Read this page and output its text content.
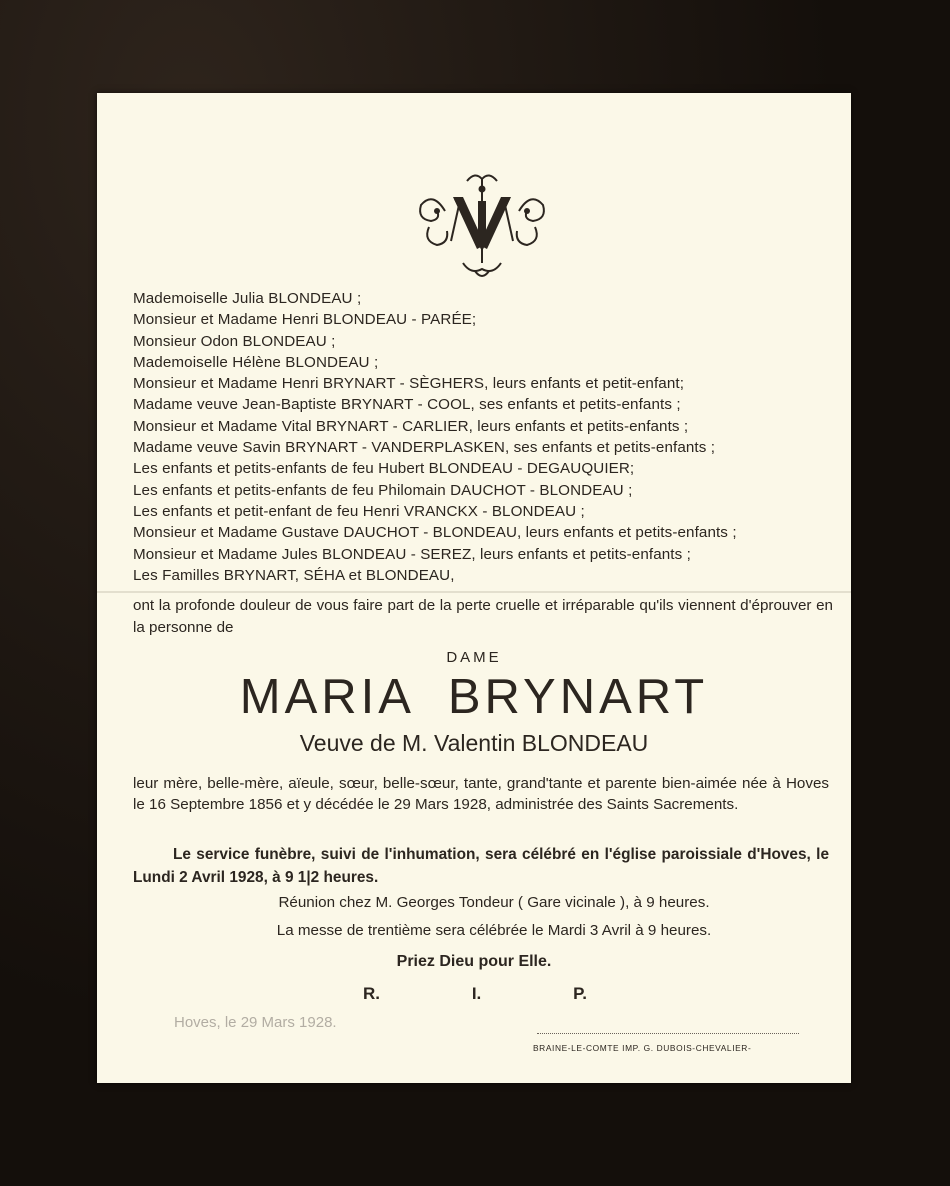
Mademoiselle Julia BLONDEAU ;
Monsieur et Madame Henri BLONDEAU - PARÉE;
Monsieur Odon BLONDEAU ;
Mademoiselle Hélène BLONDEAU ;
Monsieur et Madame Henri BRYNART - SÈGHERS, leurs enfants et petit-enfant;
Madame veuve Jean-Baptiste BRYNART - COOL, ses enfants et petits-enfants ;
Monsieur et Madame Vital BRYNART - CARLIER, leurs enfants et petits-enfants ;
Madame veuve Savin BRYNART - VANDERPLASKEN, ses enfants et petits-enfants ;
Les enfants et petits-enfants de feu Hubert BLONDEAU - DEGAUQUIER;
Les enfants et petits-enfants de feu Philomain DAUCHOT - BLONDEAU ;
Les enfants et petit-enfant de feu Henri VRANCKX - BLONDEAU ;
Monsieur et Madame Gustave DAUCHOT - BLONDEAU, leurs enfants et petits-enfants ;
Monsieur et Madame Jules BLONDEAU - SEREZ, leurs enfants et petits-enfants ;
Les Familles BRYNART, SÉHA et BLONDEAU,
ont la profonde douleur de vous faire part de la perte cruelle et irréparable qu'ils viennent d'éprouver en la personne de
DAME
MARIA BRYNART
Veuve de M. Valentin BLONDEAU
leur mère, belle-mère, aïeule, sœur, belle-sœur, tante, grand'tante et parente bien-aimée née à Hoves le 16 Septembre 1856 et y décédée le 29 Mars 1928, administrée des Saints Sacrements.
Le service funèbre, suivi de l'inhumation, sera célébré en l'église paroissiale d'Hoves, le Lundi 2 Avril 1928, à 9 1|2 heures.
Réunion chez M. Georges Tondeur ( Gare vicinale ), à 9 heures.
La messe de trentième sera célébrée le Mardi 3 Avril à 9 heures.
Priez Dieu pour Elle.
R.	I.	P.
Hoves, le 29 Mars 1928.
BRAINE-LE-COMTE IMP. G. DUBOIS-CHEVALIER-
